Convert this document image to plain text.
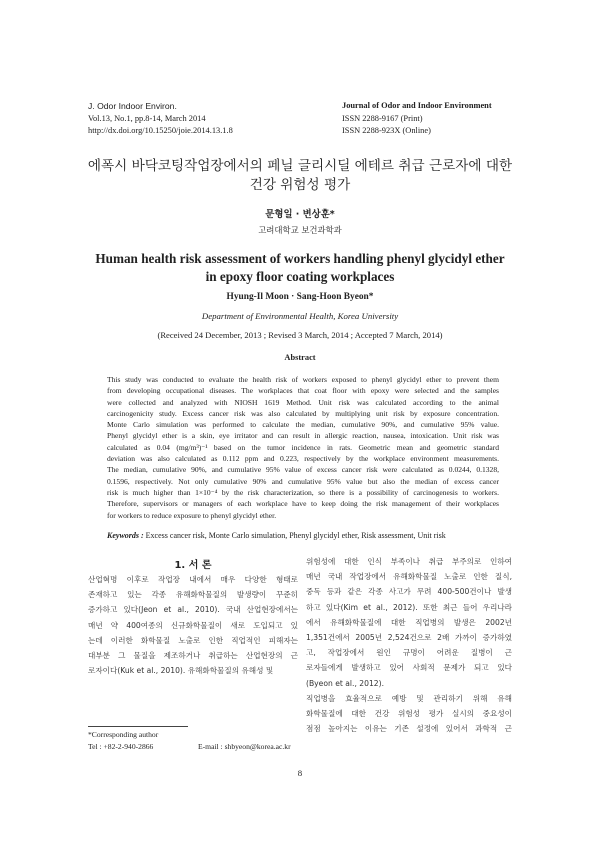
J. Odor Indoor Environ.
Vol.13, No.1, pp.8-14, March 2014
http://dx.doi.org/10.15250/joie.2014.13.1.8
Journal of Odor and Indoor Environment
ISSN 2288-9167 (Print)
ISSN 2288-923X (Online)
에폭시 바닥코팅작업장에서의 페닐 글리시딜 에테르 취급 근로자에 대한
건강 위험성 평가
문형일 · 변상훈*
고려대학교 보건과학과
Human health risk assessment of workers handling phenyl glycidyl ether
in epoxy floor coating workplaces
Hyung-Il Moon · Sang-Hoon Byeon*
Department of Environmental Health, Korea University
(Received 24 December, 2013 ; Revised 3 March, 2014 ; Accepted 7 March, 2014)
Abstract
This study was conducted to evaluate the health risk of workers exposed to phenyl glycidyl ether to prevent them
from developing occupational diseases. The workplaces that coat floor with epoxy were selected and the samples
were collected and analyzed with NIOSH 1619 Method. Unit risk was calculated according to the animal
carcinogenicity study. Excess cancer risk was also calculated by multiplying unit risk by exposure concentration.
Monte Carlo simulation was performed to calculate the median, cumulative 90%, and cumulative 95% value.
Phenyl glycidyl ether is a skin, eye irritator and can result in allergic reaction, nausea, intoxication. Unit risk was
calculated as 0.04 (mg/m³)⁻¹ based on the tumor incidence in rats. Geometric mean and geometric standard
deviation was also calculated as 0.112 ppm and 0.223, respectively by the workplace environment measurements.
The median, cumulative 90%, and cumulative 95% value of excess cancer risk were calculated as 0.0244, 0.1328,
0.1596, respectively. Not only cumulative 90% and cumulative 95% value but also the median of excess cancer
risk is much higher than 1×10⁻⁴ by the risk characterization, so there is a possibility of carcinogenesis to workers.
Therefore, supervisors or managers of each workplace have to keep doing the risk management of their workplaces
for workers to reduce exposure to phenyl glycidyl ether.
Keywords : Excess cancer risk, Monte Carlo simulation, Phenyl glycidyl ether, Risk assessment, Unit risk
1. 서 론
산업혁명 이후로 작업장 내에서 매우 다양한 형태로
존재하고 있는 각종 유해화학물질의 발생량이 꾸준히
증가하고 있다(Jeon et al., 2010). 국내 산업현장에서는
매년 약 400여종의 신규화학물질이 새로 도입되고 있
는데 이러한 화학물질 노출로 인한 직업적인 피해자는
대부분 그 물질을 제조하거나 취급하는 산업현장의 근
로자이다(Kuk et al., 2010). 유해화학물질의 유해성 및
위험성에 대한 인식 부족이나 취급 부주의로 인하여
매년 국내 작업장에서 유해화학물질 노출로 인한 질식,
중독 등과 같은 각종 사고가 무려 400-500건이나 발생
하고 있다(Kim et al., 2012). 또한 최근 들어 우리나라
에서 유해화학물질에 대한 직업병의 발생은 2002년
1,351건에서 2005년 2,524건으로 2배 가까이 증가하였
고, 작업장에서 원인 규명이 어려운 질병이 근
로자들에게 발생하고 있어 사회적 문제가 되고 있다
(Byeon et al., 2012).
직업병을 효율적으로 예방 및 관리하기 위해 유해
화학물질에 대한 건강 위험성 평가 실시의 중요성이
점점 높아지는 이유는 기존 설정에 있어서 과학적 근
*Corresponding author
Tel : +82-2-940-2866	E-mail : shbyeon@korea.ac.kr
8
